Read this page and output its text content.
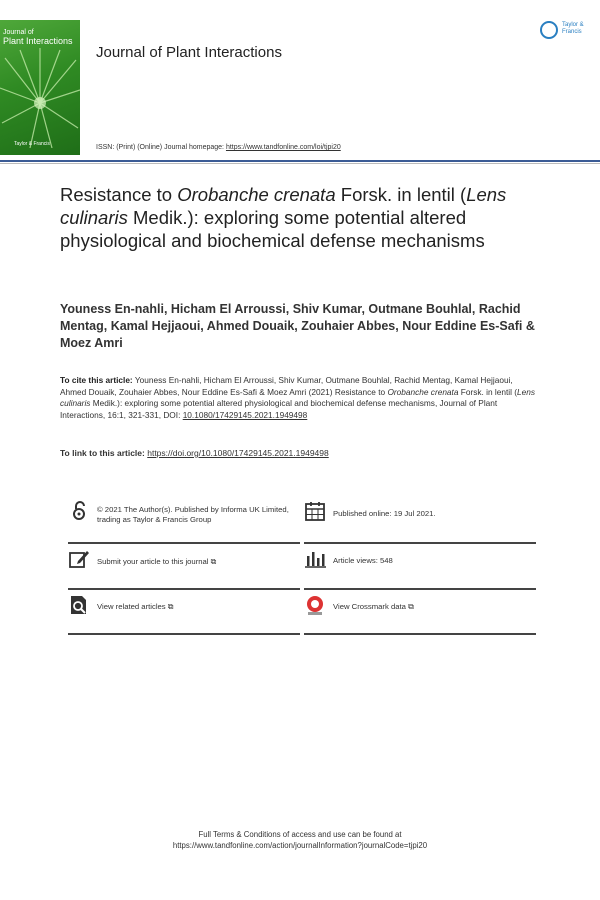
Journal of
Plant Interactions
Taylor & Francis
Journal of Plant Interactions
Taylor & Francis
ISSN: (Print) (Online) Journal homepage: https://www.tandfonline.com/loi/tjpi20
Resistance to Orobanche crenata Forsk. in lentil (Lens culinaris Medik.): exploring some potential altered physiological and biochemical defense mechanisms
Youness En-nahli, Hicham El Arroussi, Shiv Kumar, Outmane Bouhlal, Rachid Mentag, Kamal Hejjaoui, Ahmed Douaik, Zouhaier Abbes, Nour Eddine Es-Safi & Moez Amri
To cite this article: Youness En-nahli, Hicham El Arroussi, Shiv Kumar, Outmane Bouhlal, Rachid Mentag, Kamal Hejjaoui, Ahmed Douaik, Zouhaier Abbes, Nour Eddine Es-Safi & Moez Amri (2021) Resistance to Orobanche crenata Forsk. in lentil (Lens culinaris Medik.): exploring some potential altered physiological and biochemical defense mechanisms, Journal of Plant Interactions, 16:1, 321-331, DOI: 10.1080/17429145.2021.1949498
To link to this article: https://doi.org/10.1080/17429145.2021.1949498
© 2021 The Author(s). Published by Informa UK Limited, trading as Taylor & Francis Group
Published online: 19 Jul 2021.
Submit your article to this journal ⧉	Article views: 548
View related articles ⧉	View Crossmark data ⧉
Full Terms & Conditions of access and use can be found at
https://www.tandfonline.com/action/journalInformation?journalCode=tjpi20
